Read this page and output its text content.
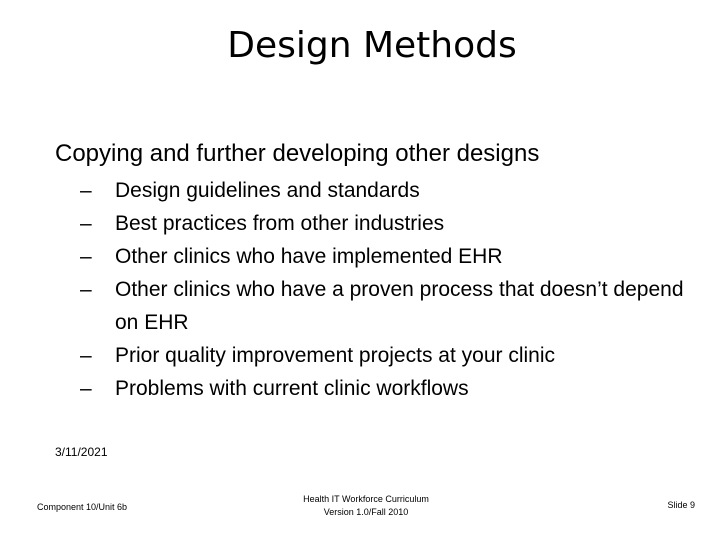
Design Methods
Copying and further developing other designs
– Design guidelines and standards
– Best practices from other industries
– Other clinics who have implemented EHR
– Other clinics who have a proven process that doesn’t depend on EHR
– Prior quality improvement projects at your clinic
– Problems with current clinic workflows
3/11/2021
Component 10/Unit 6b
Health IT Workforce Curriculum
Version 1.0/Fall 2010
Slide 9
